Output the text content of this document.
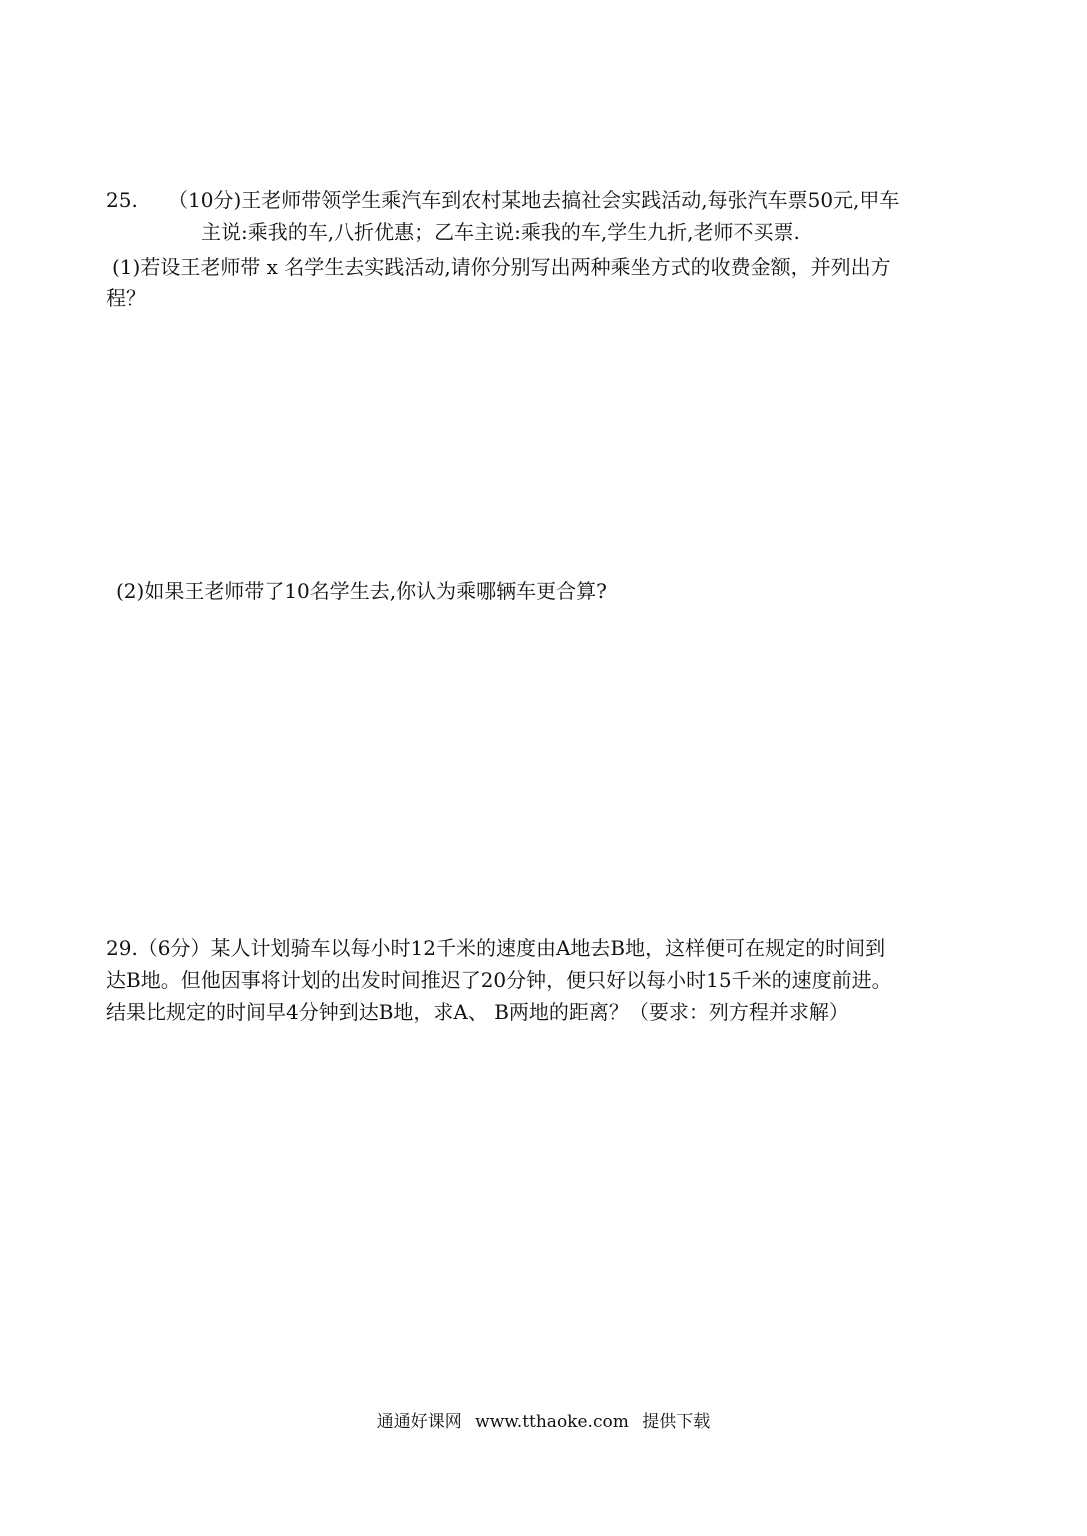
25. （10分)王老师带领学生乘汽车到农村某地去搞社会实践活动,每张汽车票50元,甲车
主说:乘我的车,八折优惠；乙车主说:乘我的车,学生九折,老师不买票.
(1)若设王老师带 x 名学生去实践活动,请你分别写出两种乘坐方式的收费金额，并列出方
程？
(2)如果王老师带了10名学生去,你认为乘哪辆车更合算?
29.（6分）某人计划骑车以每小时12千米的速度由A地去B地，这样便可在规定的时间到
达B地。但他因事将计划的出发时间推迟了20分钟，便只好以每小时15千米的速度前进。
结果比规定的时间早4分钟到达B地，求A、 B两地的距离？（要求：列方程并求解）
通通好课网 www.tthaoke.com 提供下载
